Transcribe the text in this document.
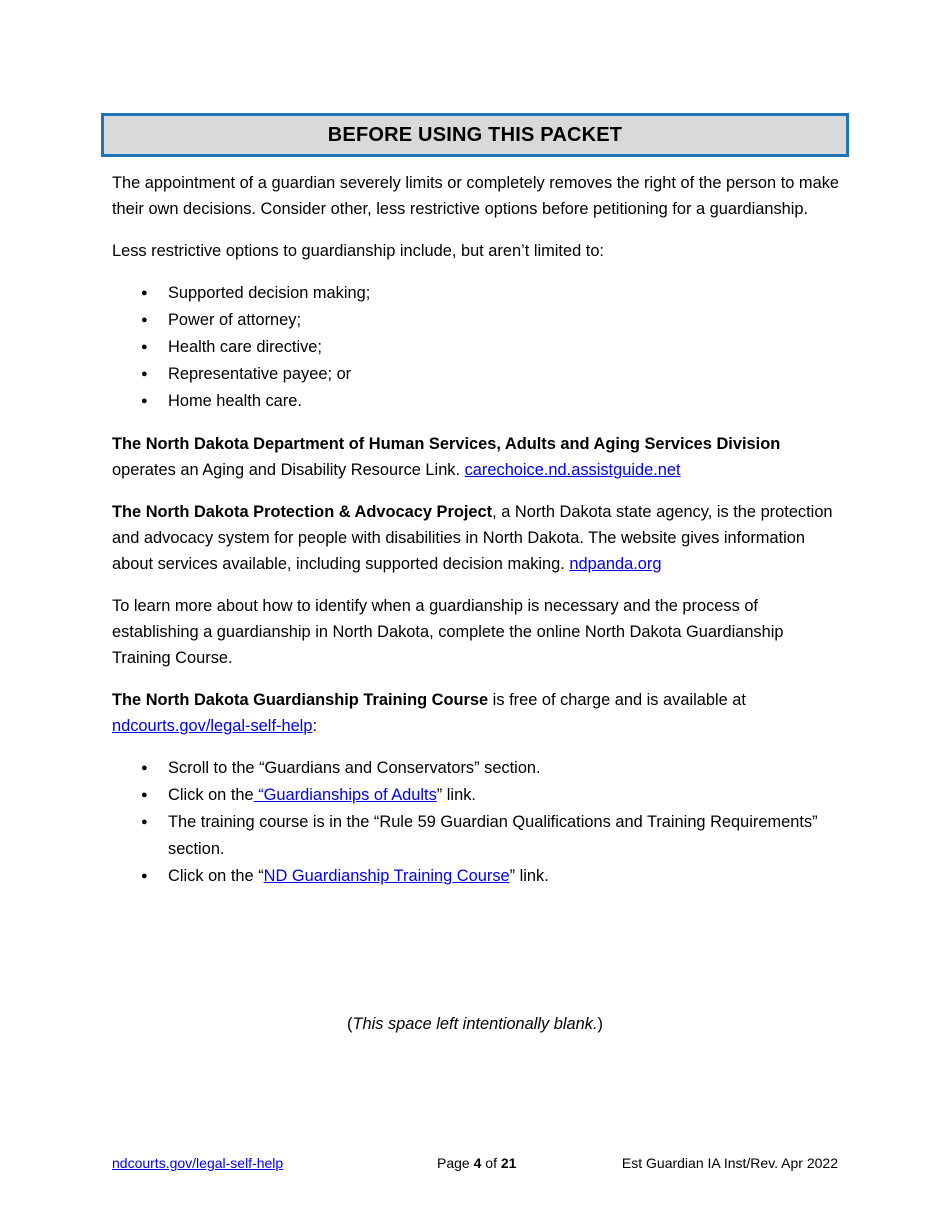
BEFORE USING THIS PACKET

The appointment of a guardian severely limits or completely removes the right of the person to make their own decisions. Consider other, less restrictive options before petitioning for a guardianship.

Less restrictive options to guardianship include, but aren’t limited to:

● Supported decision making;
● Power of attorney;
● Health care directive;
● Representative payee; or
● Home health care.

The North Dakota Department of Human Services, Adults and Aging Services Division
operates an Aging and Disability Resource Link. carechoice.nd.assistguide.net

The North Dakota Protection & Advocacy Project, a North Dakota state agency, is the protection and advocacy system for people with disabilities in North Dakota. The website gives information about services available, including supported decision making. ndpanda.org

To learn more about how to identify when a guardianship is necessary and the process of establishing a guardianship in North Dakota, complete the online North Dakota Guardianship Training Course.

The North Dakota Guardianship Training Course is free of charge and is available at
ndcourts.gov/legal-self-help:

● Scroll to the “Guardians and Conservators” section.
● Click on the “Guardianships of Adults” link.
● The training course is in the “Rule 59 Guardian Qualifications and Training Requirements” section.
● Click on the “ND Guardianship Training Course” link.
(This space left intentionally blank.)
ndcourts.gov/legal-self-help	Page 4 of 21	Est Guardian IA Inst/Rev. Apr 2022
